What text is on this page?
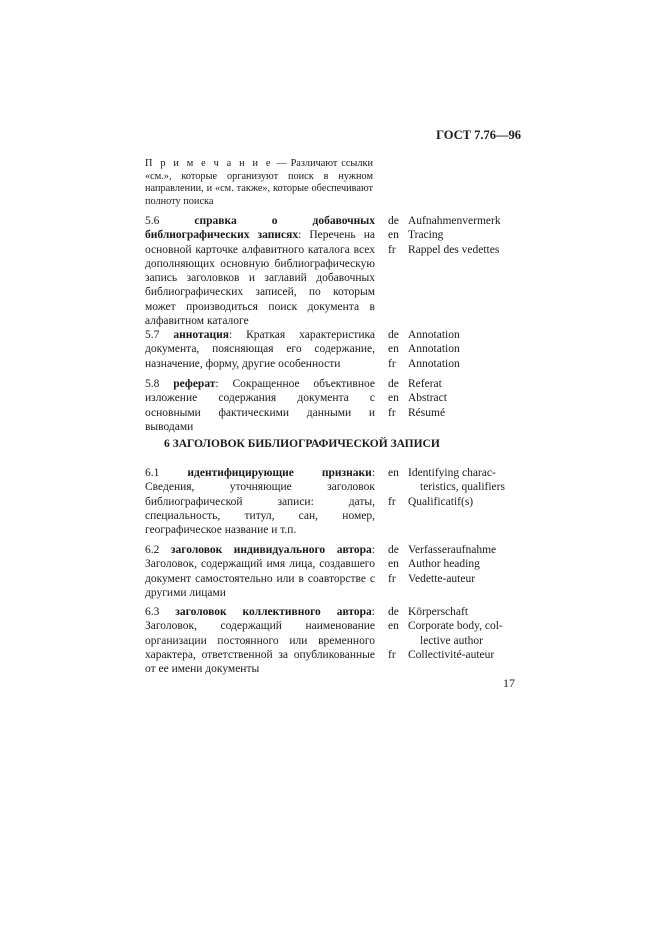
ГОСТ 7.76—96
П р и м е ч а н и е — Различают ссылки «см.», которые организуют поиск в нужном направлении, и «см. также», которые обеспечивают полноту поиска
5.6	справка о добавочных библиографических записях: Перечень на основной карточке алфавитного каталога всех дополняющих основную библиографическую запись заголовков и заглавий добавочных библиографических записей, по которым может производиться поиск документа в алфавитном каталоге
de Aufnahmenvermerk
en Tracing
fr Rappel des vedettes
5.7 аннотация: Краткая характеристика документа, поясняющая его содержание, назначение, форму, другие особенности
de Annotation
en Annotation
fr Annotation
5.8 реферат: Сокращенное объективное изложение содержания документа с основными фактическими данными и выводами
de Referat
en Abstract
fr Résumé
6 ЗАГОЛОВОК БИБЛИОГРАФИЧЕСКОЙ ЗАПИСИ
6.1 идентифицирующие признаки: Сведения, уточняющие заголовок библиографической записи: даты, специальность, титул, сан, номер, географическое название и т.п.
en Identifying charac-
teristics, qualifiers
fr Qualificatif(s)
6.2 заголовок индивидуального автора: Заголовок, содержащий имя лица, создавшего документ самостоятельно или в соавторстве с другими лицами
de Verfasseraufnahme
en Author heading
fr Vedette-auteur
6.3 заголовок коллективного автора: Заголовок, содержащий наименование организации постоянного или временного характера, ответственной за опубликованные от ее имени документы
de Körperschaft
en Corporate body, col-
lective author
fr Collectivité-auteur
17
